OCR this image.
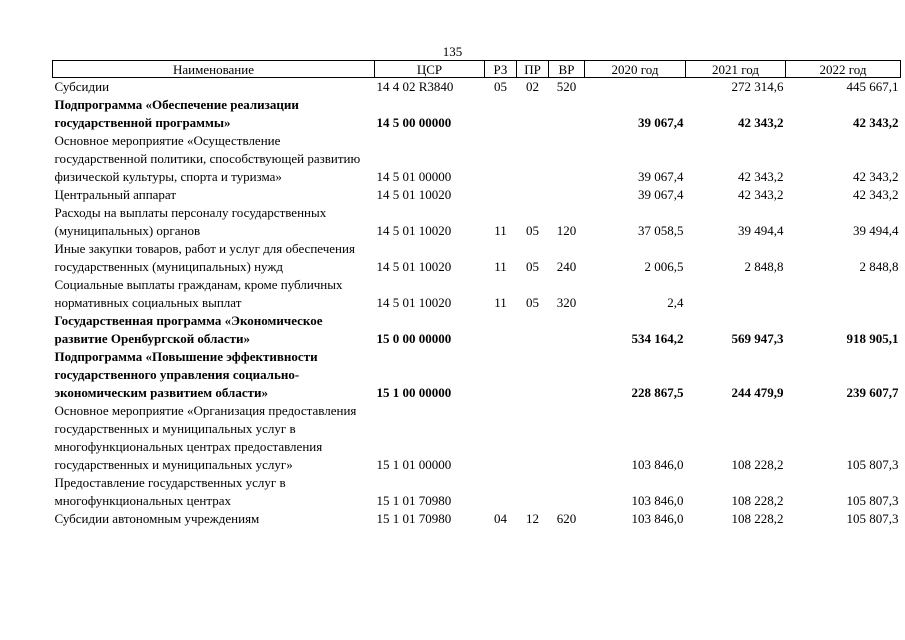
135
Наименование	ЦСР	РЗ	ПР	ВР	2020 год	2021 год	2022 год
Субсидии	14 4 02 R3840	05	02	520		272 314,6	445 667,1
Подпрограмма «Обеспечение реализации государственной программы»	14 5 00 00000				39 067,4	42 343,2	42 343,2
Основное мероприятие «Осуществление государственной политики, способствующей развитию физической культуры, спорта и туризма»	14 5 01 00000				39 067,4	42 343,2	42 343,2
Центральный аппарат	14 5 01 10020				39 067,4	42 343,2	42 343,2
Расходы на выплаты персоналу государственных (муниципальных) органов	14 5 01 10020	11	05	120	37 058,5	39 494,4	39 494,4
Иные закупки товаров, работ и услуг для обеспечения государственных (муниципальных) нужд	14 5 01 10020	11	05	240	2 006,5	2 848,8	2 848,8
Социальные выплаты гражданам, кроме публичных нормативных социальных выплат	14 5 01 10020	11	05	320	2,4		
Государственная программа «Экономическое развитие Оренбургской области»	15 0 00 00000				534 164,2	569 947,3	918 905,1
Подпрограмма «Повышение эффективности государственного управления социально-экономическим развитием области»	15 1 00 00000				228 867,5	244 479,9	239 607,7
Основное мероприятие «Организация предоставления государственных и муниципальных услуг в многофункциональных центрах предоставления государственных и муниципальных услуг»	15 1 01 00000				103 846,0	108 228,2	105 807,3
Предоставление государственных услуг в многофункциональных центрах	15 1 01 70980				103 846,0	108 228,2	105 807,3
Субсидии автономным учреждениям	15 1 01 70980	04	12	620	103 846,0	108 228,2	105 807,3
